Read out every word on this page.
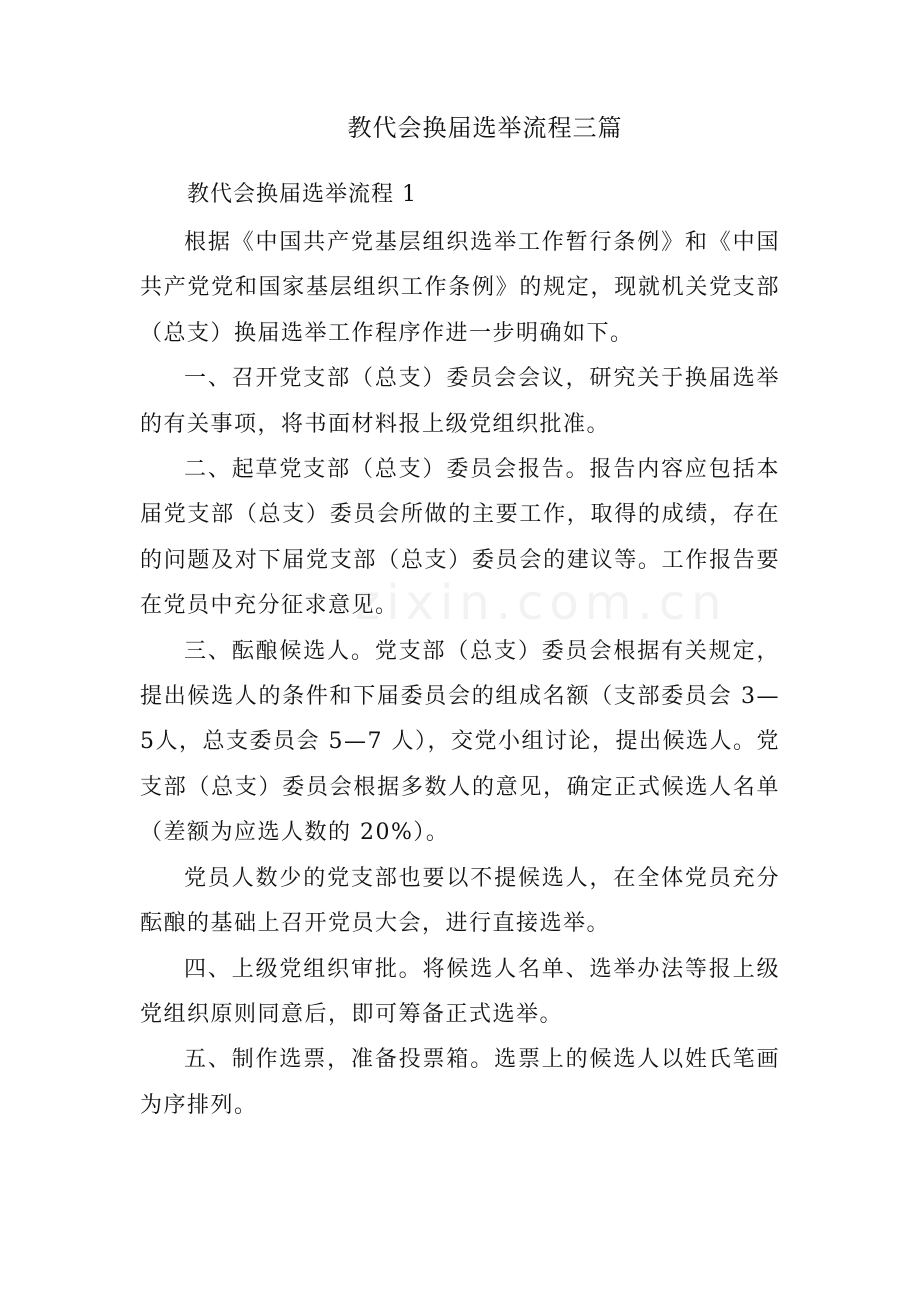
教代会换届选举流程三篇
教代会换届选举流程 1

根据《中国共产党基层组织选举工作暂行条例》和《中国共产党党和国家基层组织工作条例》的规定，现就机关党支部（总支）换届选举工作程序作进一步明确如下。

一、召开党支部（总支）委员会会议，研究关于换届选举的有关事项，将书面材料报上级党组织批准。

二、起草党支部（总支）委员会报告。报告内容应包括本届党支部（总支）委员会所做的主要工作，取得的成绩，存在的问题及对下届党支部（总支）委员会的建议等。工作报告要在党员中充分征求意见。

三、酝酿候选人。党支部（总支）委员会根据有关规定，提出候选人的条件和下届委员会的组成名额（支部委员会 3—5人，总支委员会 5—7 人），交党小组讨论，提出候选人。党支部（总支）委员会根据多数人的意见，确定正式候选人名单（差额为应选人数的 20%）。

党员人数少的党支部也要以不提候选人，在全体党员充分酝酿的基础上召开党员大会，进行直接选举。

四、上级党组织审批。将候选人名单、选举办法等报上级党组织原则同意后，即可筹备正式选举。

五、制作选票，准备投票箱。选票上的候选人以姓氏笔画为序排列。

zixin.com.cn
